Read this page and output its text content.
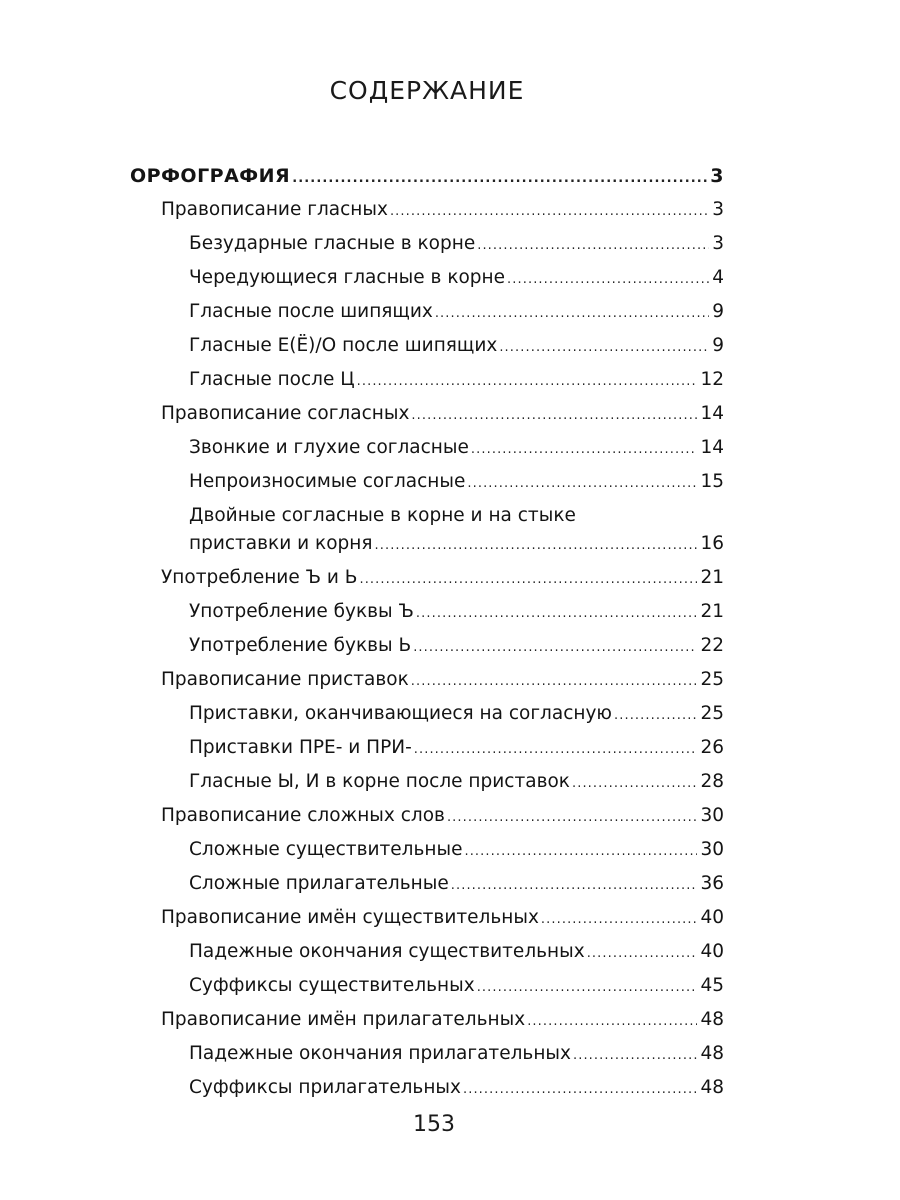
СОДЕРЖАНИЕ
ОРФОГРАФИЯ .....	3
Правописание гласных .....	3
Безударные гласные в корне .....	3
Чередующиеся гласные в корне .....	4
Гласные после шипящих .....	9
Гласные Е(Ё)/О после шипящих .....	9
Гласные после Ц .....	12
Правописание согласных .....	14
Звонкие и глухие согласные .....	14
Непроизносимые согласные .....	15
Двойные согласные в корне и на стыке
приставки и корня .....	16
Употребление Ъ и Ь .....	21
Употребление буквы Ъ .....	21
Употребление буквы Ь .....	22
Правописание приставок .....	25
Приставки, оканчивающиеся на согласную .....	25
Приставки ПРЕ- и ПРИ- .....	26
Гласные Ы, И в корне после приставок .....	28
Правописание сложных слов .....	30
Сложные существительные .....	30
Сложные прилагательные .....	36
Правописание имён существительных .....	40
Падежные окончания существительных .....	40
Суффиксы существительных .....	45
Правописание имён прилагательных .....	48
Падежные окончания прилагательных .....	48
Суффиксы прилагательных .....	48
153
